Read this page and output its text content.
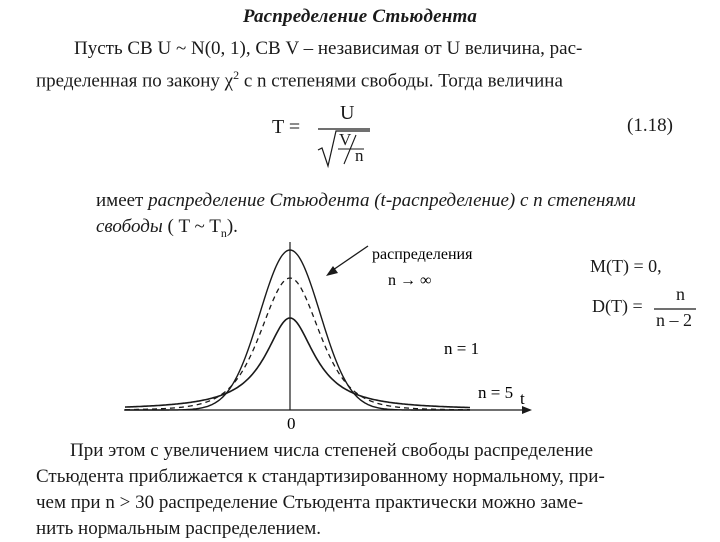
Распределение Стьюдента
Пусть СВ U ~ N(0, 1), СВ V – независимая от U величина, рас-
пределенная по закону $\chi^2$ с n степенями свободы. Тогда величина
T =
U
V
n
(1.18)
имеет распределение Стьюдента (t-распределение) с n степенями
свободы ( T ~ $T_n$).
0
t
распределения
n → ∞
n = 1
n = 5
M(T) = 0,
D(T) =
n
n – 2
При этом с увеличением числа степеней свободы распределение
Стьюдента приближается к стандартизированному нормальному, при-
чем при n > 30 распределение Стьюдента практически можно заме-
нить нормальным распределением.
